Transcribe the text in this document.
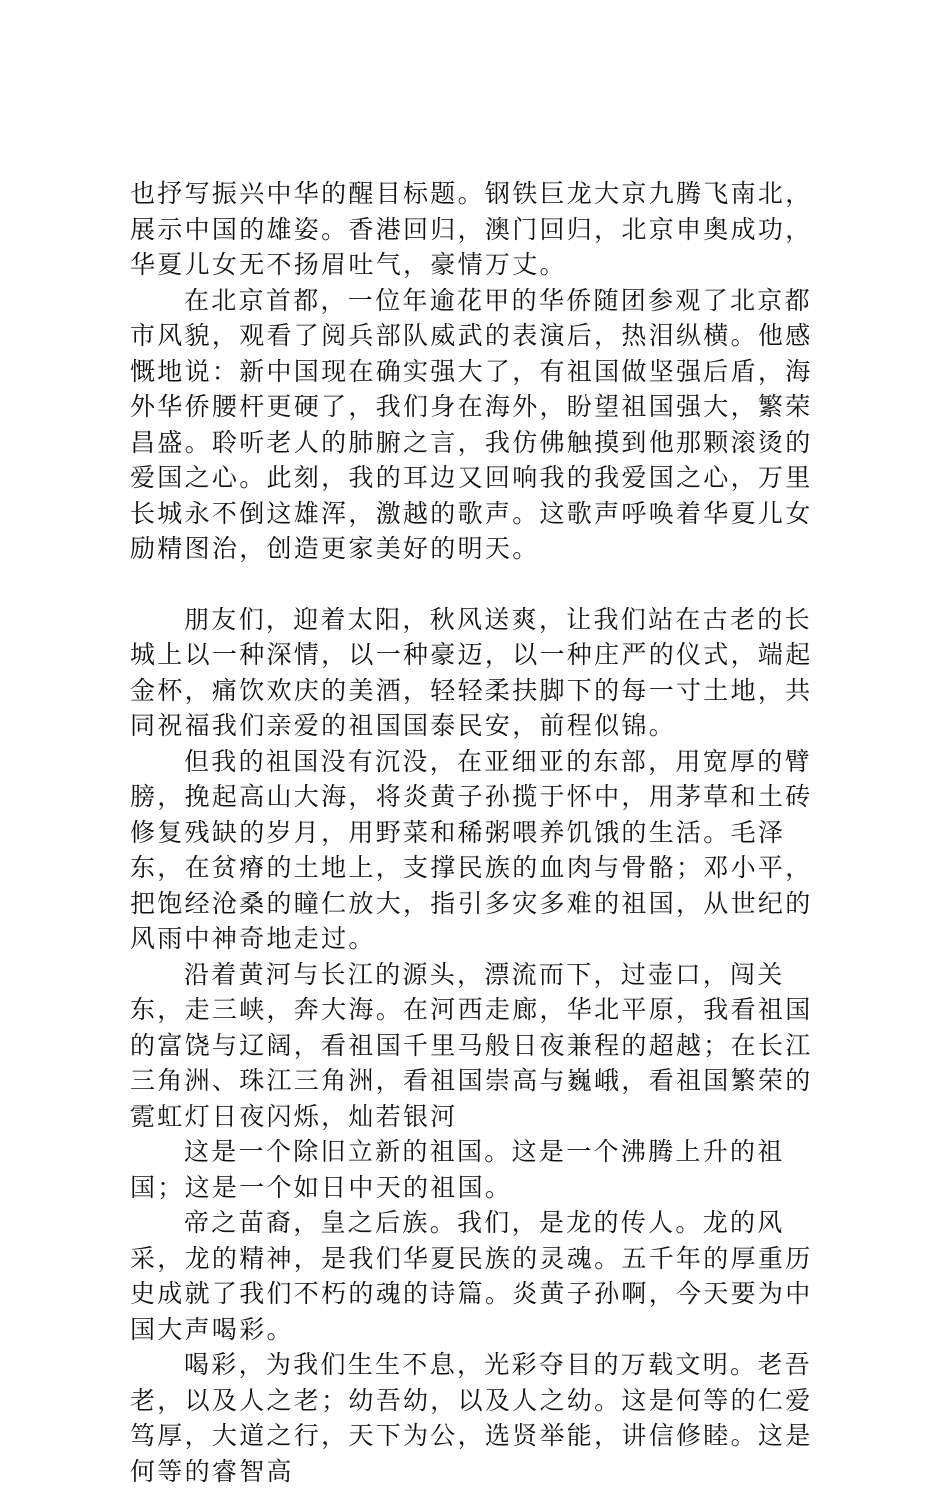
也抒写振兴中华的醒目标题。钢铁巨龙大京九腾飞南北，展示中国的雄姿。香港回归，澳门回归，北京申奥成功，华夏儿女无不扬眉吐气，豪情万丈。

在北京首都，一位年逾花甲的华侨随团参观了北京都市风貌，观看了阅兵部队威武的表演后，热泪纵横。他感慨地说：新中国现在确实强大了，有祖国做坚强后盾，海外华侨腰杆更硬了，我们身在海外，盼望祖国强大，繁荣昌盛。聆听老人的肺腑之言，我仿佛触摸到他那颗滚烫的爱国之心。此刻，我的耳边又回响我的我爱国之心，万里长城永不倒这雄浑，激越的歌声。这歌声呼唤着华夏儿女励精图治，创造更家美好的明天。

朋友们，迎着太阳，秋风送爽，让我们站在古老的长城上以一种深情，以一种豪迈，以一种庄严的仪式，端起金杯，痛饮欢庆的美酒，轻轻柔扶脚下的每一寸土地，共同祝福我们亲爱的祖国国泰民安，前程似锦。

但我的祖国没有沉没，在亚细亚的东部，用宽厚的臂膀，挽起高山大海，将炎黄子孙揽于怀中，用茅草和土砖修复残缺的岁月，用野菜和稀粥喂养饥饿的生活。毛泽东，在贫瘠的土地上，支撑民族的血肉与骨骼；邓小平，把饱经沧桑的瞳仁放大，指引多灾多难的祖国，从世纪的风雨中神奇地走过。

沿着黄河与长江的源头，漂流而下，过壶口，闯关东，走三峡，奔大海。在河西走廊，华北平原，我看祖国的富饶与辽阔，看祖国千里马般日夜兼程的超越；在长江三角洲、珠江三角洲，看祖国崇高与巍峨，看祖国繁荣的霓虹灯日夜闪烁，灿若银河

这是一个除旧立新的祖国。这是一个沸腾上升的祖国；这是一个如日中天的祖国。

帝之苗裔，皇之后族。我们，是龙的传人。龙的风采，龙的精神，是我们华夏民族的灵魂。五千年的厚重历史成就了我们不朽的魂的诗篇。炎黄子孙啊，今天要为中国大声喝彩。

喝彩，为我们生生不息，光彩夺目的万载文明。老吾老，以及人之老；幼吾幼，以及人之幼。这是何等的仁爱笃厚，大道之行，天下为公，选贤举能，讲信修睦。这是何等的睿智高
